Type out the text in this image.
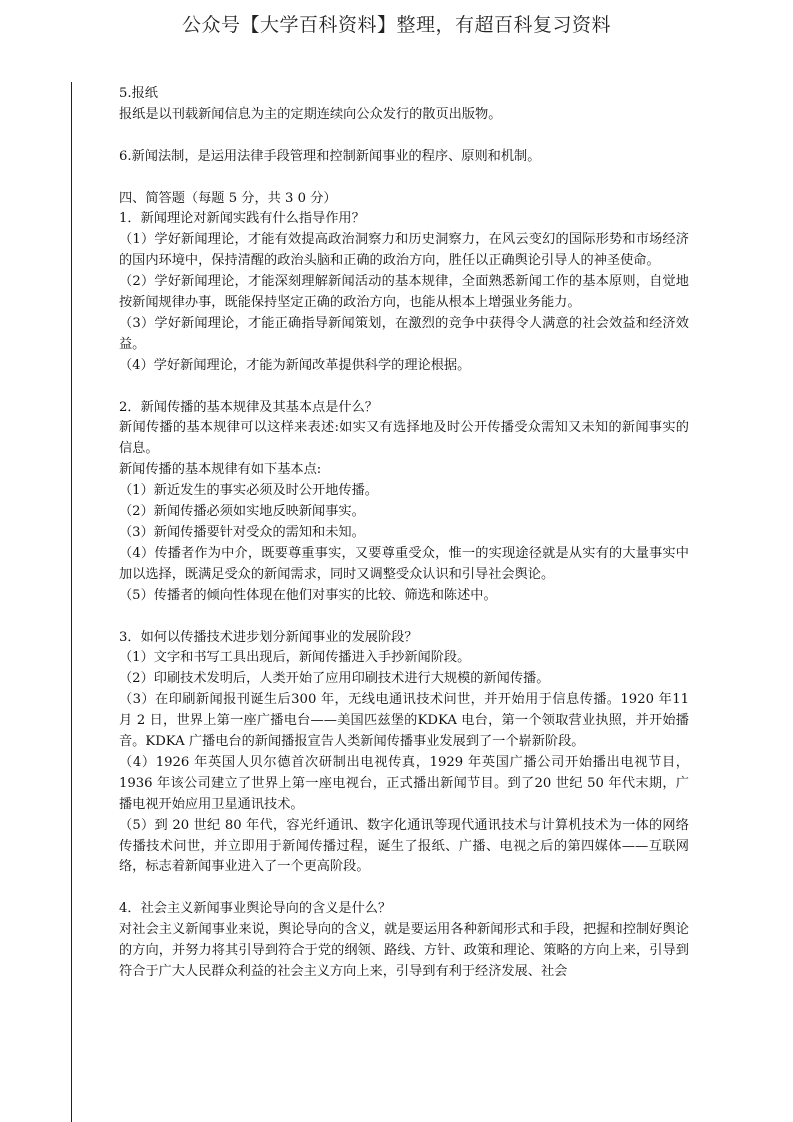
公众号【大学百科资料】整理，有超百科复习资料

5.报纸

报纸是以刊载新闻信息为主的定期连续向公众发行的散页出版物。

6.新闻法制，是运用法律手段管理和控制新闻事业的程序、原则和机制。

四、简答题（每题 5 分，共 3 0 分）

1．新闻理论对新闻实践有什么指导作用？

（1）学好新闻理论，才能有效提高政治洞察力和历史洞察力，在风云变幻的国际形势和市场经济的国内环境中，保持清醒的政治头脑和正确的政治方向，胜任以正确舆论引导人的神圣使命。

（2）学好新闻理论，才能深刻理解新闻活动的基本规律，全面熟悉新闻工作的基本原则，自觉地按新闻规律办事，既能保持坚定正确的政治方向，也能从根本上增强业务能力。

（3）学好新闻理论，才能正确指导新闻策划，在激烈的竞争中获得令人满意的社会效益和经济效益。

（4）学好新闻理论，才能为新闻改革提供科学的理论根据。

2．新闻传播的基本规律及其基本点是什么？

新闻传播的基本规律可以这样来表述:如实又有选择地及时公开传播受众需知又未知的新闻事实的信息。

新闻传播的基本规律有如下基本点:

（1）新近发生的事实必须及时公开地传播。

（2）新闻传播必须如实地反映新闻事实。

（3）新闻传播要针对受众的需知和未知。

（4）传播者作为中介，既要尊重事实，又要尊重受众，惟一的实现途径就是从实有的大量事实中加以选择，既满足受众的新闻需求，同时又调整受众认识和引导社会舆论。

（5）传播者的倾向性体现在他们对事实的比较、筛选和陈述中。

3．如何以传播技术进步划分新闻事业的发展阶段？

（1）文字和书写工具出现后，新闻传播进入手抄新闻阶段。

（2）印刷技术发明后，人类开始了应用印刷技术进行大规模的新闻传播。

（3）在印刷新闻报刊诞生后300 年，无线电通讯技术问世，并开始用于信息传播。1920 年11 月 2 日，世界上第一座广播电台——美国匹兹堡的KDKA 电台，第一个领取营业执照，并开始播音。KDKA 广播电台的新闻播报宣告人类新闻传播事业发展到了一个崭新阶段。

（4）1926 年英国人贝尔德首次研制出电视传真，1929 年英国广播公司开始播出电视节目，1936 年该公司建立了世界上第一座电视台，正式播出新闻节目。到了20 世纪 50 年代末期，广播电视开始应用卫星通讯技术。

（5）到 20 世纪 80 年代，容光纤通讯、数字化通讯等现代通讯技术与计算机技术为一体的网络传播技术问世，并立即用于新闻传播过程，诞生了报纸、广播、电视之后的第四媒体——互联网络，标志着新闻事业进入了一个更高阶段。

4．社会主义新闻事业舆论导向的含义是什么？

对社会主义新闻事业来说，舆论导向的含义，就是要运用各种新闻形式和手段，把握和控制好舆论的方向，并努力将其引导到符合于党的纲领、路线、方针、政策和理论、策略的方向上来，引导到符合于广大人民群众利益的社会主义方向上来，引导到有利于经济发展、社会
